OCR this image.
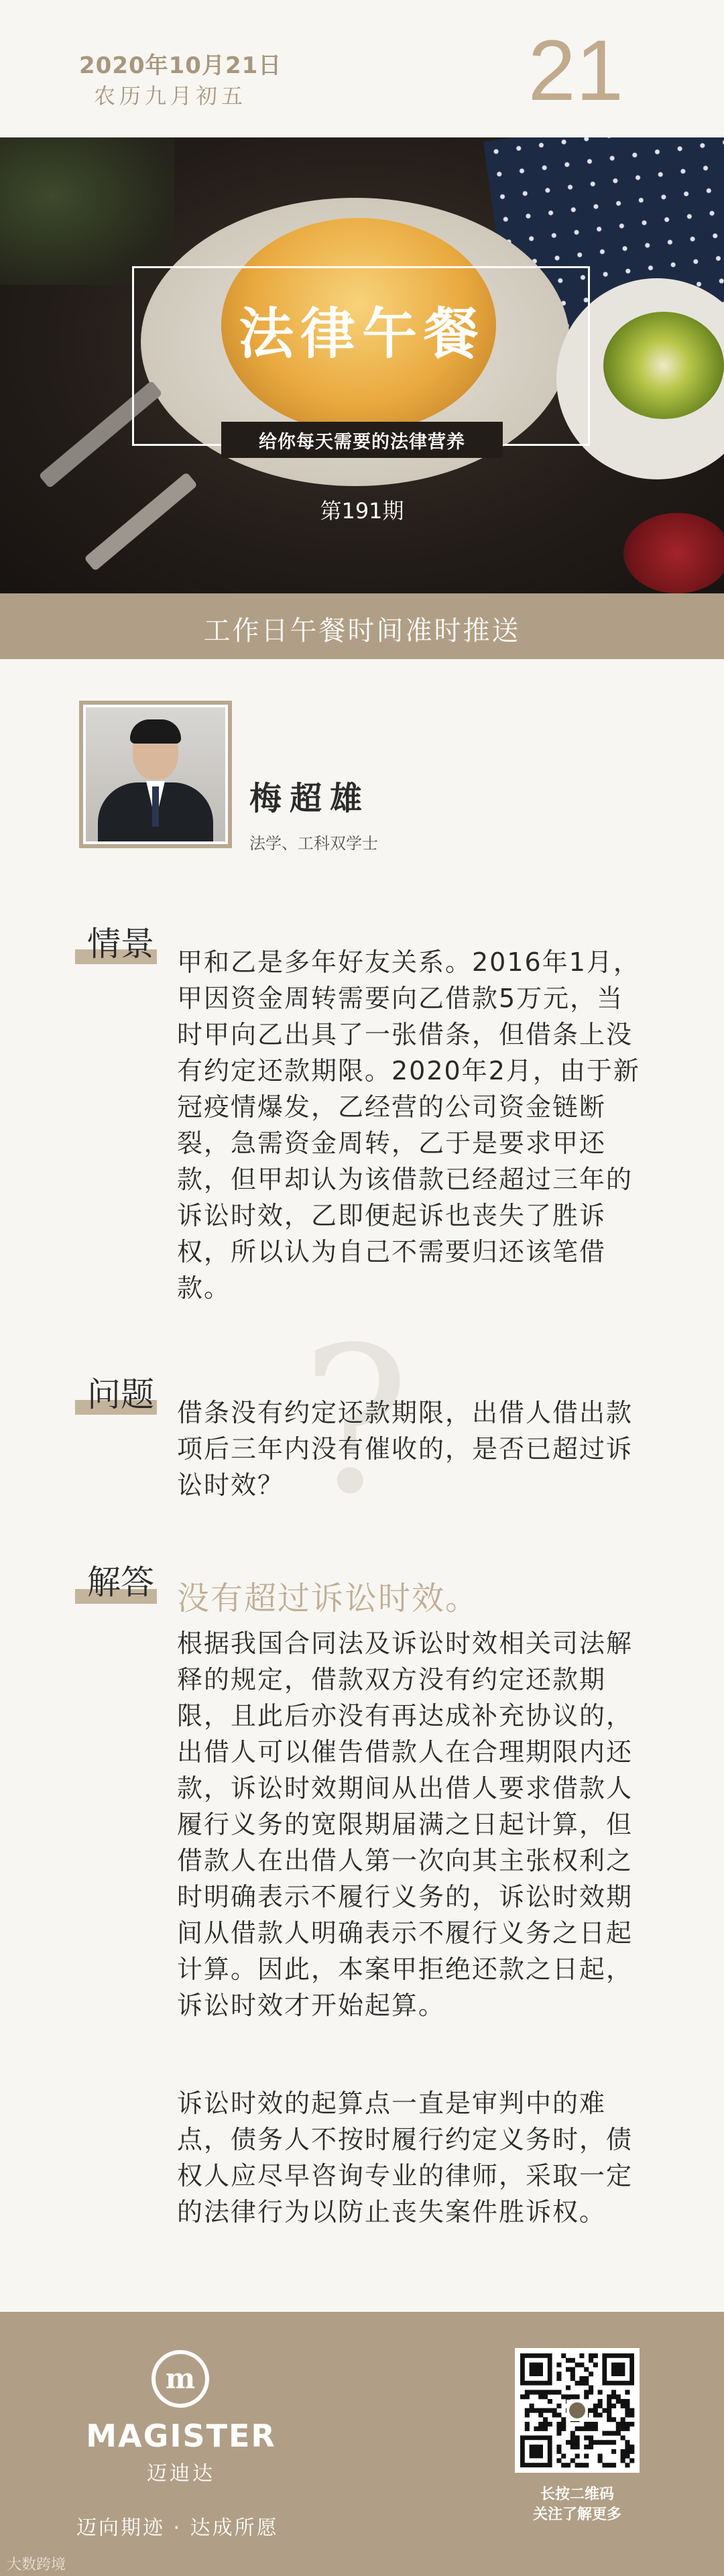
2020年10月21日
农历九月初五	21
法律午餐
给你每天需要的法律营养
第191期
工作日午餐时间准时推送
梅超雄
法学、工科双学士
情景 甲和乙是多年好友关系。2016年1月，甲因资金周转需要向乙借款5万元，当时甲向乙出具了一张借条，但借条上没有约定还款期限。2020年2月，由于新冠疫情爆发，乙经营的公司资金链断裂，急需资金周转，乙于是要求甲还款，但甲却认为该借款已经超过三年的诉讼时效，乙即便起诉也丧失了胜诉权，所以认为自己不需要归还该笔借款。
?
问题 借条没有约定还款期限，出借人借出款项后三年内没有催收的，是否已超过诉讼时效？
解答 没有超过诉讼时效。
根据我国合同法及诉讼时效相关司法解释的规定，借款双方没有约定还款期限，且此后亦没有再达成补充协议的，出借人可以催告借款人在合理期限内还款，诉讼时效期间从出借人要求借款人履行义务的宽限期届满之日起计算，但借款人在出借人第一次向其主张权利之时明确表示不履行义务的，诉讼时效期间从借款人明确表示不履行义务之日起计算。因此，本案甲拒绝还款之日起，诉讼时效才开始起算。
诉讼时效的起算点一直是审判中的难点，债务人不按时履行约定义务时，债权人应尽早咨询专业的律师，采取一定的法律行为以防止丧失案件胜诉权。
m
MAGISTER
迈迪达
迈向期迹 · 达成所愿
长按二维码
关注了解更多
大数跨境
